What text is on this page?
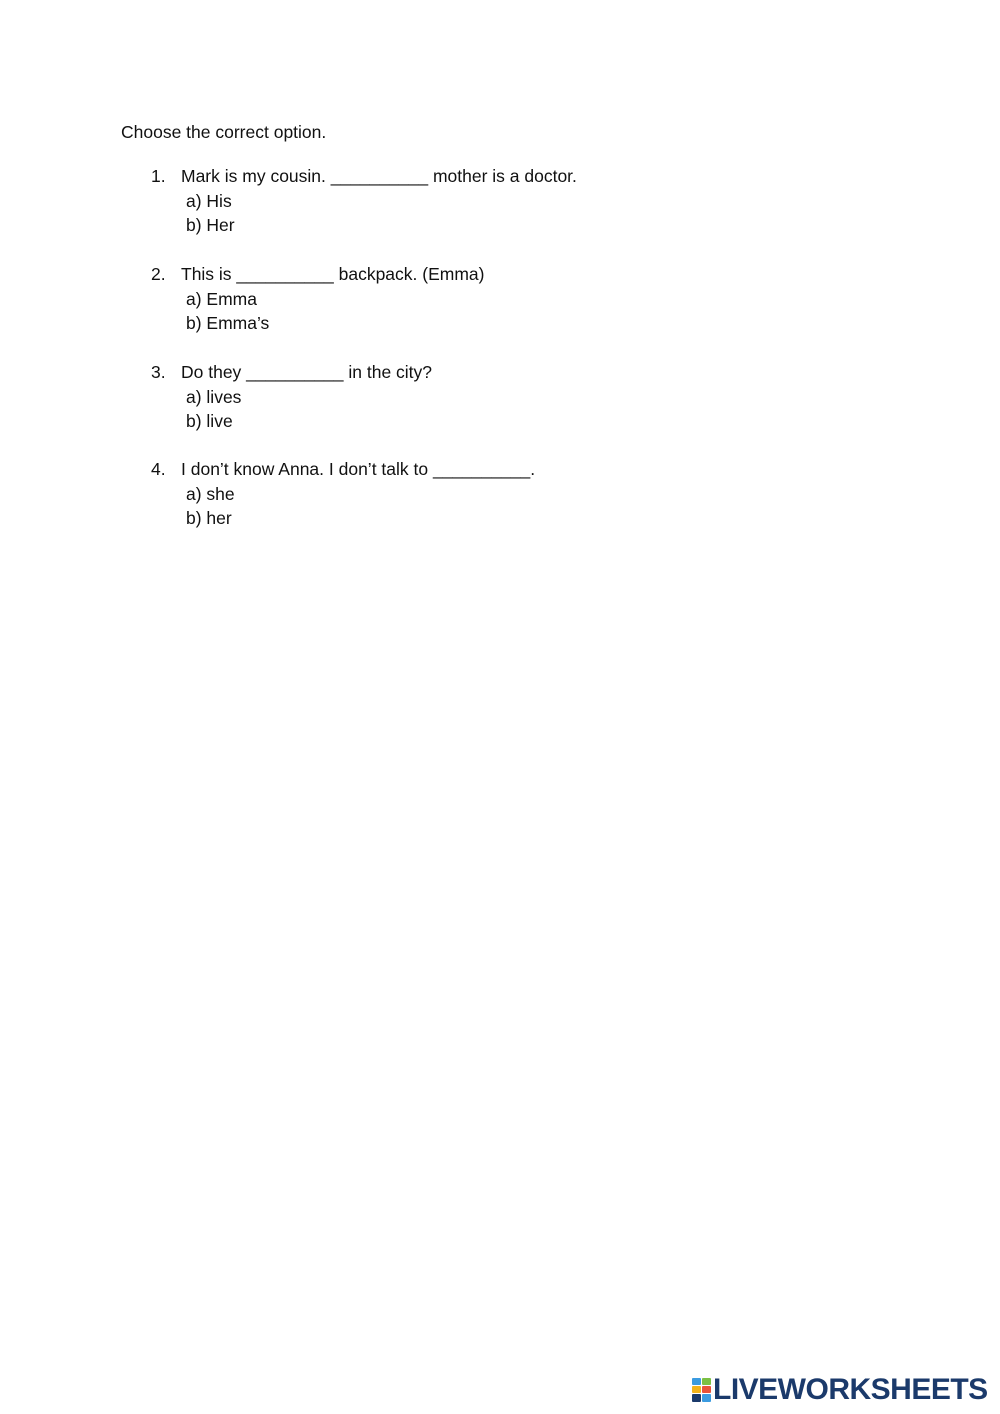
Choose the correct option.
1. Mark is my cousin. __________ mother is a doctor.
a) His
b) Her
2. This is __________ backpack. (Emma)
a) Emma
b) Emma’s
3. Do they __________ in the city?
a) lives
b) live
4. I don’t know Anna. I don’t talk to __________.
a) she
b) her
LIVEWORKSHEETS
